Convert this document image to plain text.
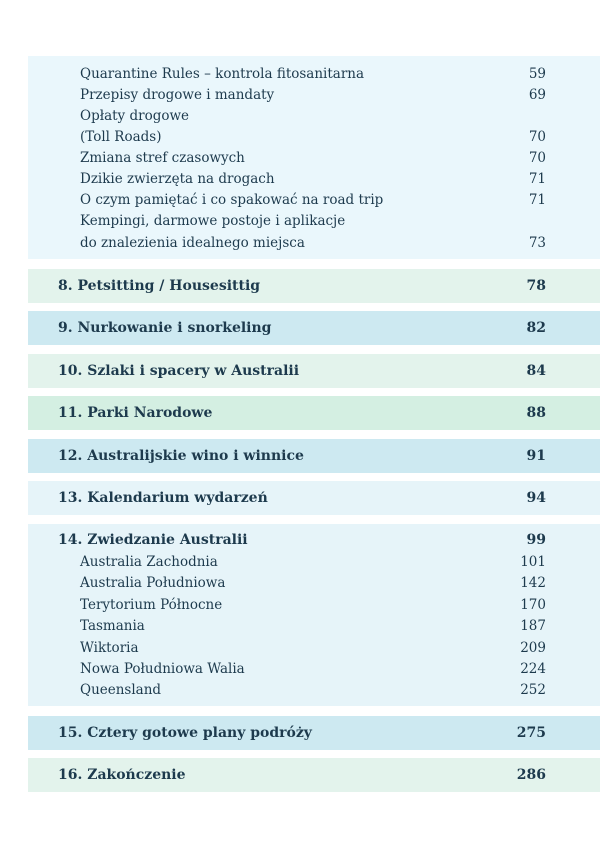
Quarantine Rules – kontrola fitosanitarna	59
Przepisy drogowe i mandaty	69
Opłaty drogowe
(Toll Roads)	70
Zmiana stref czasowych	70
Dzikie zwierzęta na drogach	71
O czym pamiętać i co spakować na road trip	71
Kempingi, darmowe postoje i aplikacje
do znalezienia idealnego miejsca	73
8. Petsitting / Housesittig	78
9. Nurkowanie i snorkeling	82
10. Szlaki i spacery w Australii	84
11. Parki Narodowe	88
12. Australijskie wino i winnice	91
13. Kalendarium wydarzeń	94
14. Zwiedzanie Australii	99
Australia Zachodnia	101
Australia Południowa	142
Terytorium Północne	170
Tasmania	187
Wiktoria	209
Nowa Południowa Walia	224
Queensland	252
15. Cztery gotowe plany podróży	275
16. Zakończenie	286
